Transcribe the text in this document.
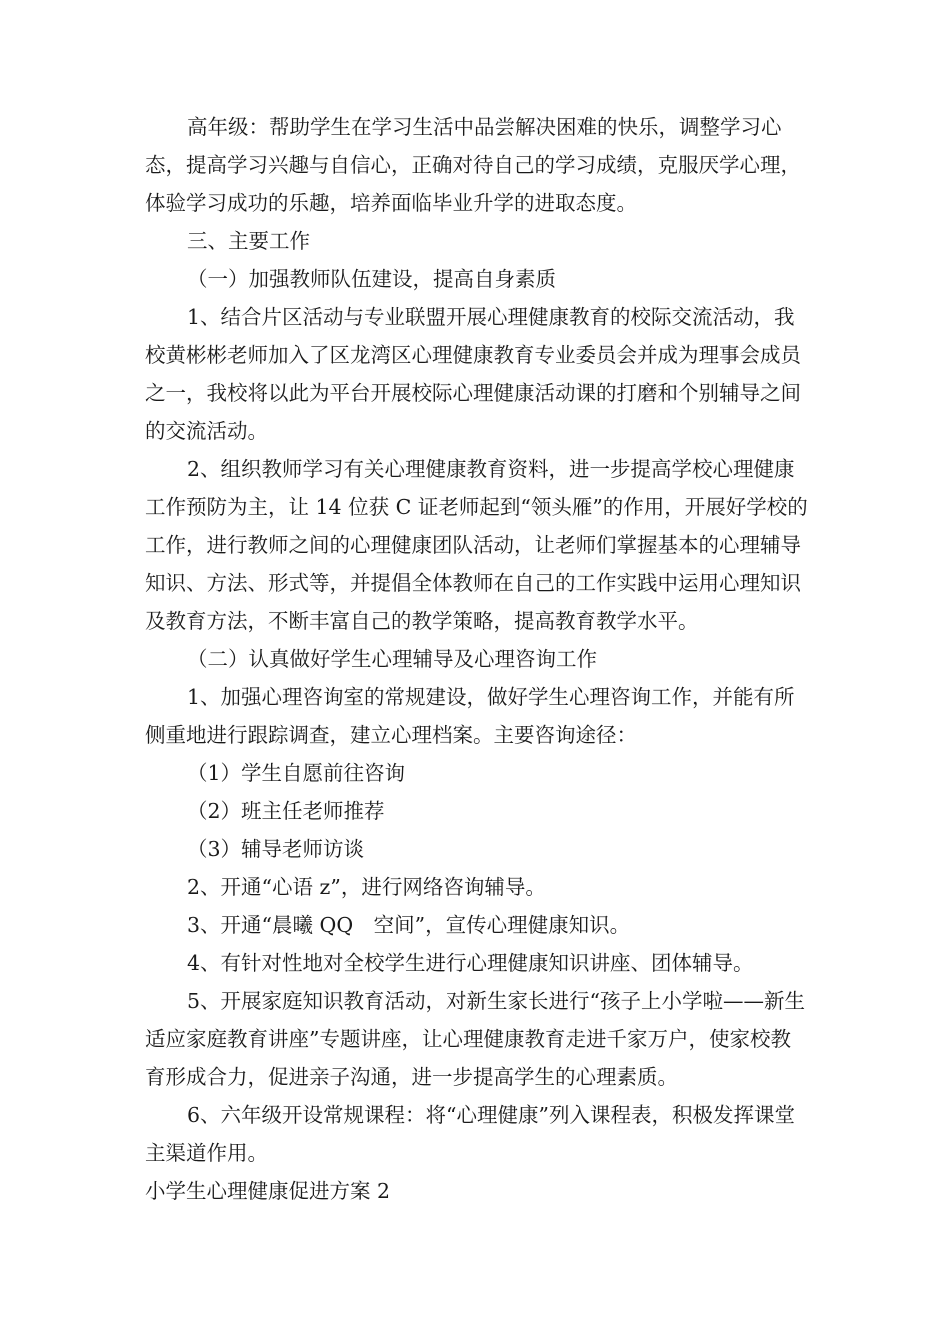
高年级：帮助学生在学习生活中品尝解决困难的快乐，调整学习心态，提高学习兴趣与自信心，正确对待自己的学习成绩，克服厌学心理，体验学习成功的乐趣，培养面临毕业升学的进取态度。

三、主要工作

（一）加强教师队伍建设，提高自身素质

1、结合片区活动与专业联盟开展心理健康教育的校际交流活动，我校黄彬彬老师加入了区龙湾区心理健康教育专业委员会并成为理事会成员之一，我校将以此为平台开展校际心理健康活动课的打磨和个别辅导之间的交流活动。

2、组织教师学习有关心理健康教育资料，进一步提高学校心理健康工作预防为主，让 14 位获 C 证老师起到“领头雁”的作用，开展好学校的工作，进行教师之间的心理健康团队活动，让老师们掌握基本的心理辅导知识、方法、形式等，并提倡全体教师在自己的工作实践中运用心理知识及教育方法，不断丰富自己的教学策略，提高教育教学水平。

（二）认真做好学生心理辅导及心理咨询工作

1、加强心理咨询室的常规建设，做好学生心理咨询工作，并能有所侧重地进行跟踪调查，建立心理档案。主要咨询途径：

（1）学生自愿前往咨询

（2）班主任老师推荐

（3）辅导老师访谈

2、开通“心语 z”，进行网络咨询辅导。

3、开通“晨曦 QQ　空间”，宣传心理健康知识。

4、有针对性地对全校学生进行心理健康知识讲座、团体辅导。

5、开展家庭知识教育活动，对新生家长进行“孩子上小学啦——新生适应家庭教育讲座”专题讲座，让心理健康教育走进千家万户，使家校教育形成合力，促进亲子沟通，进一步提高学生的心理素质。

6、六年级开设常规课程：将“心理健康”列入课程表，积极发挥课堂主渠道作用。

小学生心理健康促进方案 2
